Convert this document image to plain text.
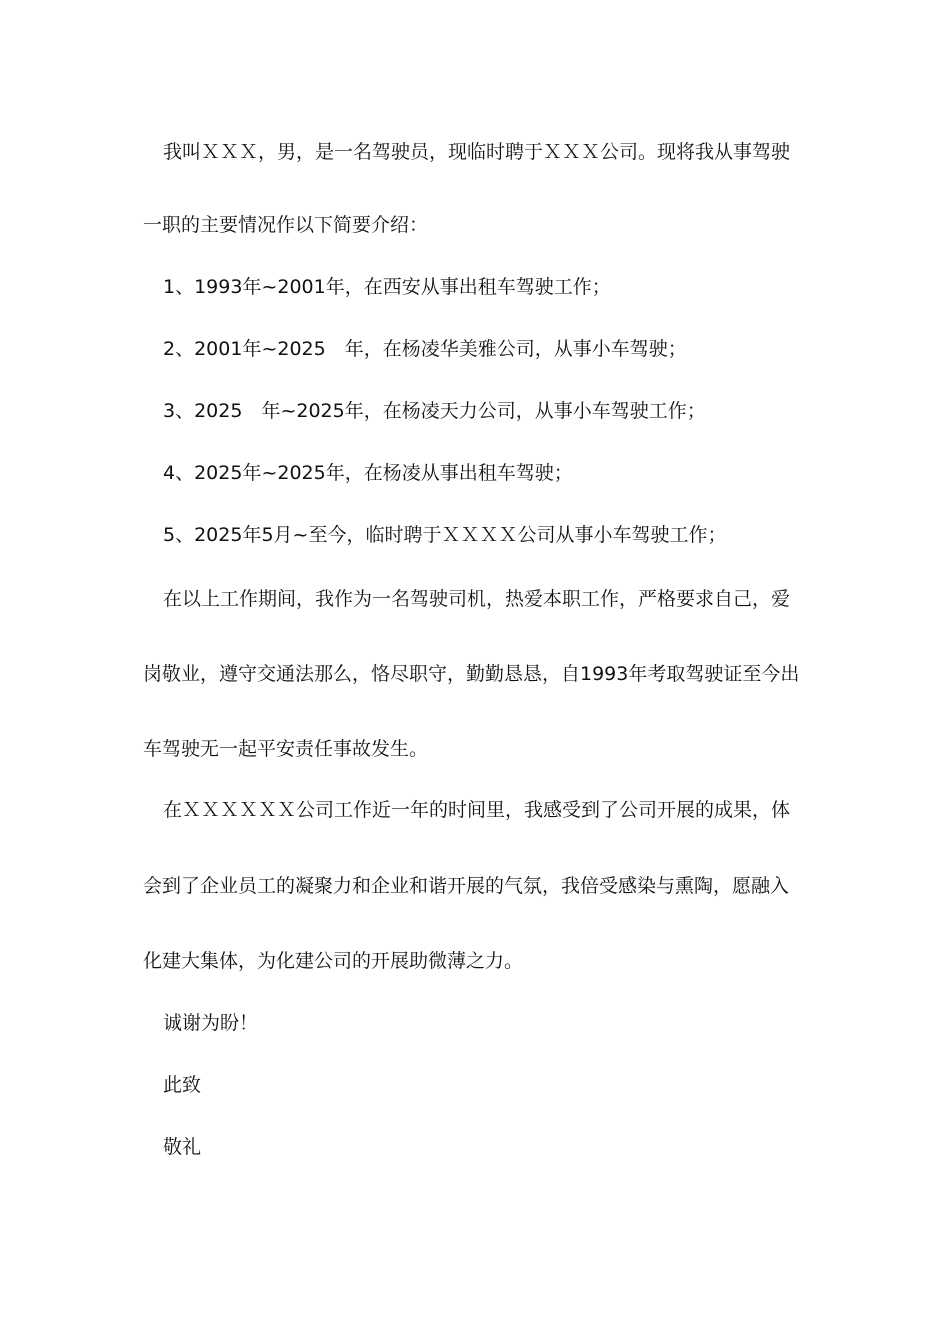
我叫ＸＸＸ，男，是一名驾驶员，现临时聘于ＸＸＸ公司。现将我从事驾驶
一职的主要情况作以下简要介绍：
1、1993年~2001年，在西安从事出租车驾驶工作；
2、2001年~2025　年，在杨凌华美雅公司，从事小车驾驶；
3、2025　年~2025年，在杨凌天力公司，从事小车驾驶工作；
4、2025年~2025年，在杨凌从事出租车驾驶；
5、2025年5月~至今，临时聘于ＸＸＸＸ公司从事小车驾驶工作；
在以上工作期间，我作为一名驾驶司机，热爱本职工作，严格要求自己，爱
岗敬业，遵守交通法那么，恪尽职守，勤勤恳恳，自1993年考取驾驶证至今出
车驾驶无一起平安责任事故发生。
在ＸＸＸＸＸＸ公司工作近一年的时间里，我感受到了公司开展的成果，体
会到了企业员工的凝聚力和企业和谐开展的气氛，我倍受感染与熏陶，愿融入
化建大集体，为化建公司的开展助微薄之力。
诚谢为盼！
此致
敬礼
